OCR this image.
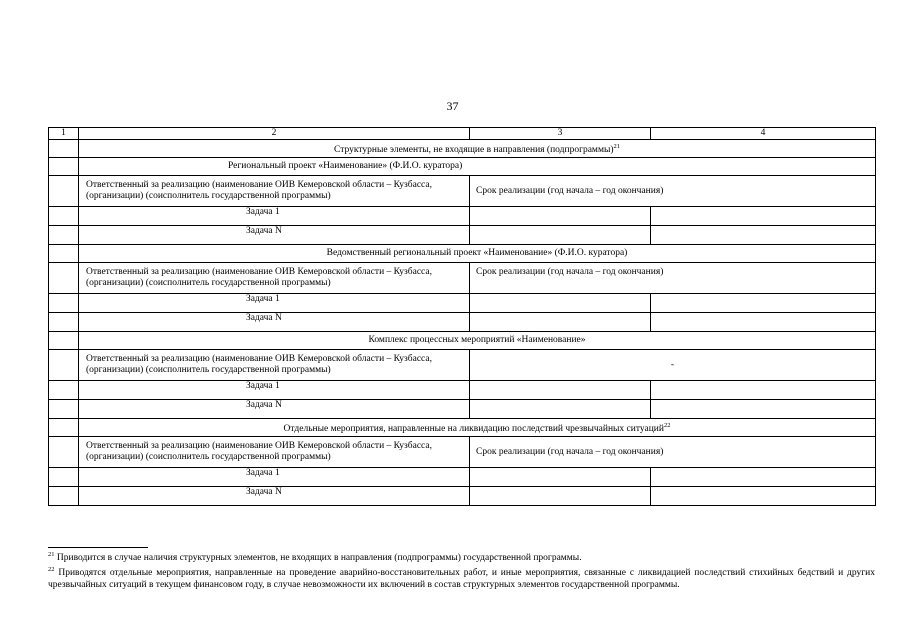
37
1	2	3	4
	Структурные элементы, не входящие в направления (подпрограммы)$^{21}$
	Региональный проект «Наименование» (Ф.И.О. куратора)		
	Ответственный за реализацию (наименование ОИВ Кемеровской области – Кузбасса, (организации) (соисполнитель государственной программы)	Срок реализации (год начала – год окончания)	
	Задача 1		
	Задача N		
	Ведомственный региональный проект «Наименование» (Ф.И.О. куратора)		
	Ответственный за реализацию (наименование ОИВ Кемеровской области – Кузбасса, (организации) (соисполнитель государственной программы)	Срок реализации (год начала – год окончания)	
	Задача 1		
	Задача N		
	Комплекс процессных мероприятий «Наименование»		
	Ответственный за реализацию (наименование ОИВ Кемеровской области – Кузбасса, (организации) (соисполнитель государственной программы)	-	
	Задача 1		
	Задача N		
	Отдельные мероприятия, направленные на ликвидацию последствий чрезвычайных ситуаций$^{22}$
	Ответственный за реализацию (наименование ОИВ Кемеровской области – Кузбасса, (организации) (соисполнитель государственной программы)	Срок реализации (год начала – год окончания)	
	Задача 1		
	Задача N		

$^{21}$ Приводится в случае наличия структурных элементов, не входящих в направления (подпрограммы) государственной программы.

$^{22}$ Приводятся отдельные мероприятия, направленные на проведение аварийно-восстановительных работ, и иные мероприятия, связанные с ликвидацией последствий стихийных бедствий и других чрезвычайных ситуаций в текущем финансовом году, в случае невозможности их включений в состав структурных элементов государственной программы.
